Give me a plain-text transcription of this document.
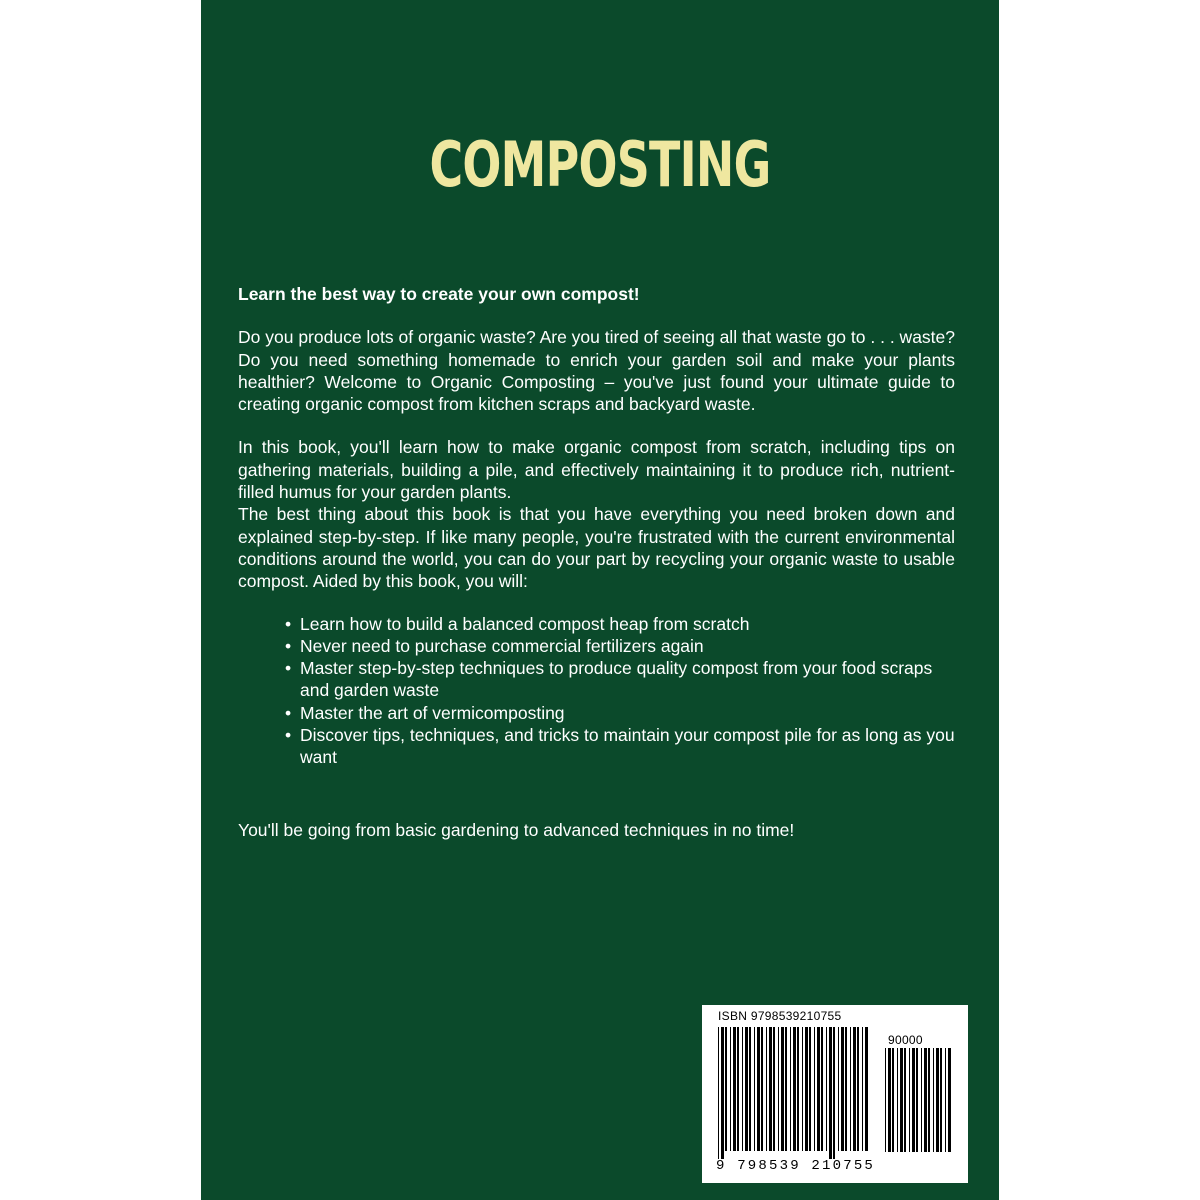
COMPOSTING

Learn the best way to create your own compost!

Do you produce lots of organic waste? Are you tired of seeing all that waste go to . . . waste? Do you need something homemade to enrich your garden soil and make your plants healthier? Welcome to Organic Composting – you've just found your ultimate guide to creating organic compost from kitchen scraps and backyard waste.

In this book, you'll learn how to make organic compost from scratch, including tips on gathering materials, building a pile, and effectively maintaining it to produce rich, nutrient-filled humus for your garden plants.

The best thing about this book is that you have everything you need broken down and explained step-by-step. If like many people, you're frustrated with the current environmental conditions around the world, you can do your part by recycling your organic waste to usable compost. Aided by this book, you will:

• Learn how to build a balanced compost heap from scratch
• Never need to purchase commercial fertilizers again
• Master step-by-step techniques to produce quality compost from your food scraps and garden waste
• Master the art of vermicomposting
• Discover tips, techniques, and tricks to maintain your compost pile for as long as you want

You'll be going from basic gardening to advanced techniques in no time!

ISBN 9798539210755
90000
9 798539 210755
